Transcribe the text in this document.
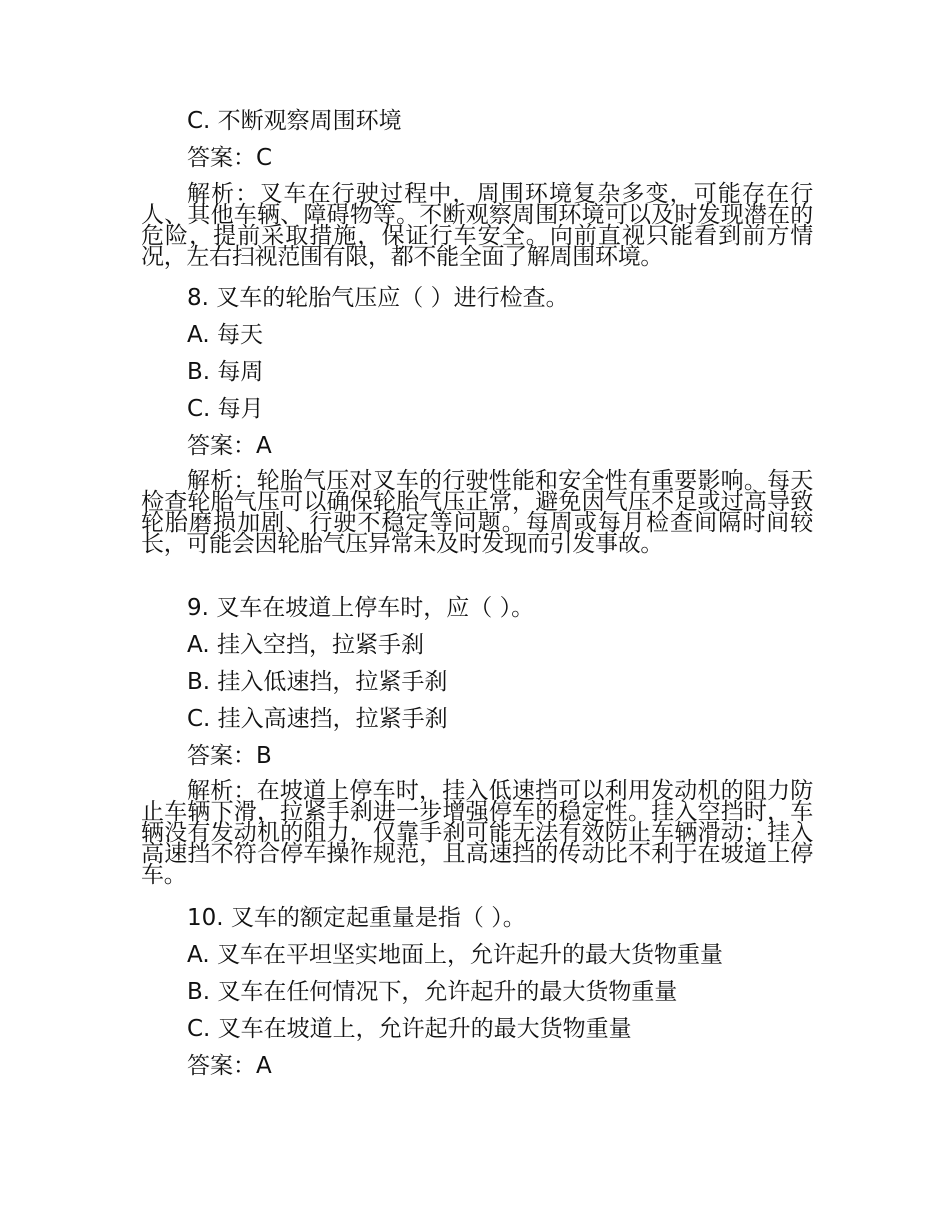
C. 不断观察周围环境

答案：C

解析：叉车在行驶过程中，周围环境复杂多变，可能存在行人、其他车辆、障碍物等。不断观察周围环境可以及时发现潜在的危险，提前采取措施，保证行车安全。向前直视只能看到前方情况，左右扫视范围有限，都不能全面了解周围环境。

8. 叉车的轮胎气压应（ ）进行检查。

A. 每天

B. 每周

C. 每月

答案：A

解析：轮胎气压对叉车的行驶性能和安全性有重要影响。每天检查轮胎气压可以确保轮胎气压正常，避免因气压不足或过高导致轮胎磨损加剧、行驶不稳定等问题。每周或每月检查间隔时间较长，可能会因轮胎气压异常未及时发现而引发事故。

9. 叉车在坡道上停车时，应（ ）。

A. 挂入空挡，拉紧手刹

B. 挂入低速挡，拉紧手刹

C. 挂入高速挡，拉紧手刹

答案：B

解析：在坡道上停车时，挂入低速挡可以利用发动机的阻力防止车辆下滑，拉紧手刹进一步增强停车的稳定性。挂入空挡时，车辆没有发动机的阻力，仅靠手刹可能无法有效防止车辆滑动；挂入高速挡不符合停车操作规范，且高速挡的传动比不利于在坡道上停车。

10. 叉车的额定起重量是指（ ）。

A. 叉车在平坦坚实地面上，允许起升的最大货物重量

B. 叉车在任何情况下，允许起升的最大货物重量

C. 叉车在坡道上，允许起升的最大货物重量

答案：A
